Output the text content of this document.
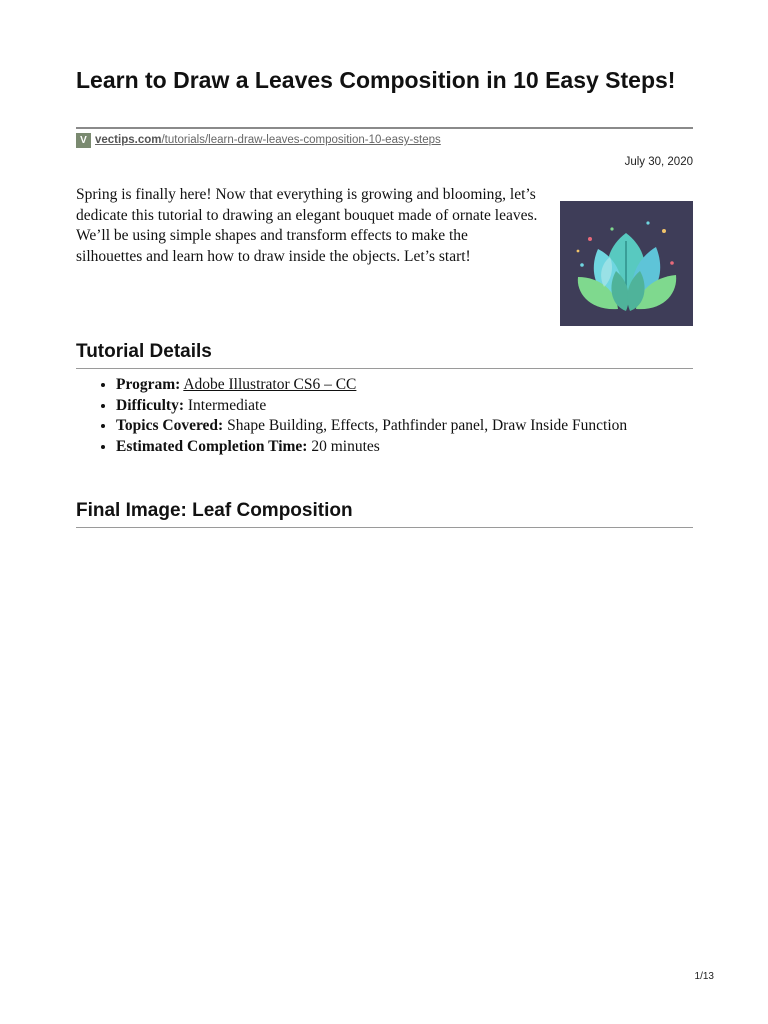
Learn to Draw a Leaves Composition in 10 Easy Steps!
V vectips.com/tutorials/learn-draw-leaves-composition-10-easy-steps
July 30, 2020

Spring is finally here! Now that everything is growing and blooming, let’s dedicate this tutorial to drawing an elegant bouquet made of ornate leaves. We’ll be using simple shapes and transform effects to make the silhouettes and learn how to draw inside the objects. Let’s start!

Tutorial Details
• Program: Adobe Illustrator CS6 – CC
• Difficulty: Intermediate
• Topics Covered: Shape Building, Effects, Pathfinder panel, Draw Inside Function
• Estimated Completion Time: 20 minutes
Final Image: Leaf Composition
1/13
